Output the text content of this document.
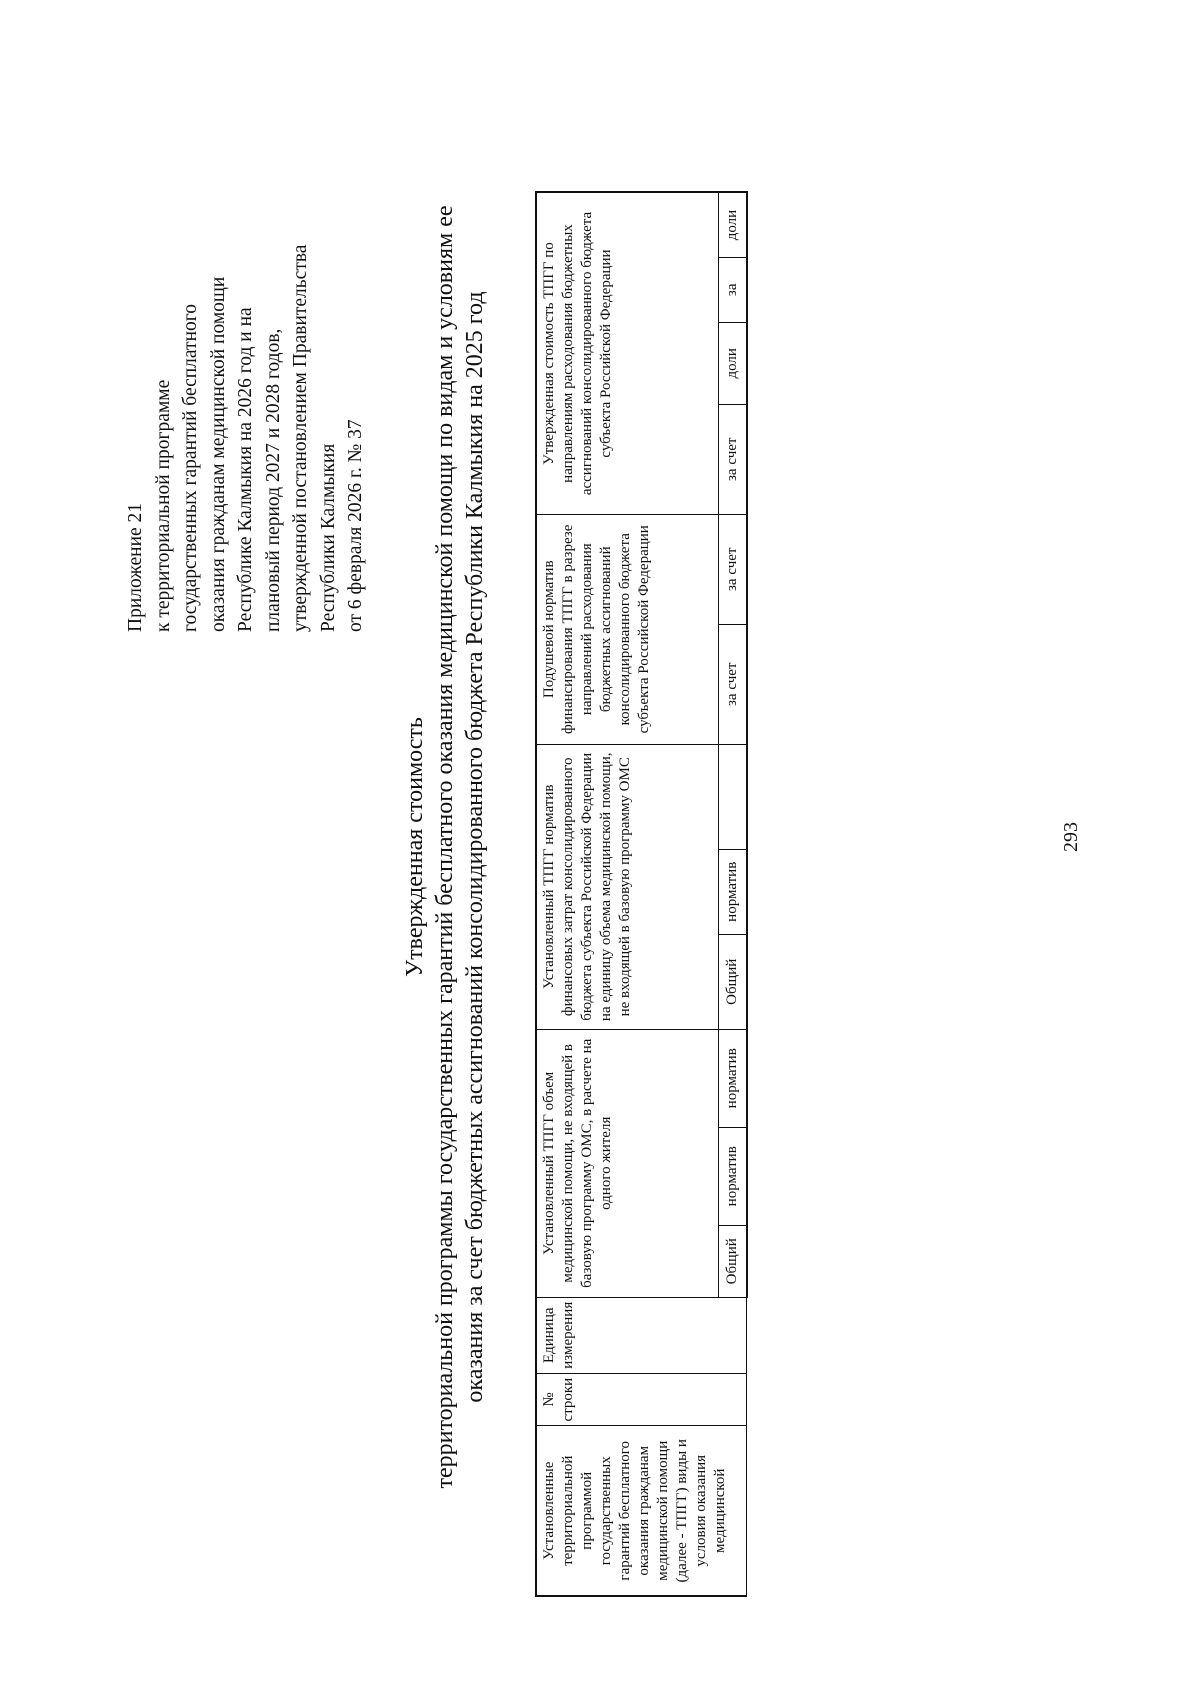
Приложение 21 к территориальной программе государственных гарантий бесплатного оказания гражданам медицинской помощи Республике Калмыкия на 2026 год и на плановый период 2027 и 2028 годов, утвержденной постановлением Правительства Республики Калмыкия от 6 февраля 2026 г. № 37
Утвержденная стоимость территориальной программы государственных гарантий бесплатного оказания медицинской помощи по видам и условиям ее оказания за счет бюджетных ассигнований консолидированного бюджета Республики Калмыкия на 2025 год
Установленные территориальной программой государственных гарантий бесплатного оказания гражданам медицинской помощи (далее - ТПГГ) виды и условия оказания медицинской	№ строки	Единица измерения	Установленный ТПГГ объем медицинской помощи, не входящей в базовую программу ОМС, в расчете на одного жителя			Установленный ТПГГ норматив финансовых затрат консолидированного бюджета субъекта Российской Федерации на единицу объема медицинской помощи, не входящей в базовую программу ОМС			Подушевой норматив финансирования ТПГГ в разрезе направлений расходования бюджетных ассигнований консолидированного бюджета субъекта Российской Федерации		Утвержденная стоимость ТПГГ по направлениям расходования бюджетных ассигнований консолидированного бюджета субъекта Российской Федерации			
			Общий	норматив	норматив	Общий	норматив		за счет	за счет	за счет	доли	за	доли
293
